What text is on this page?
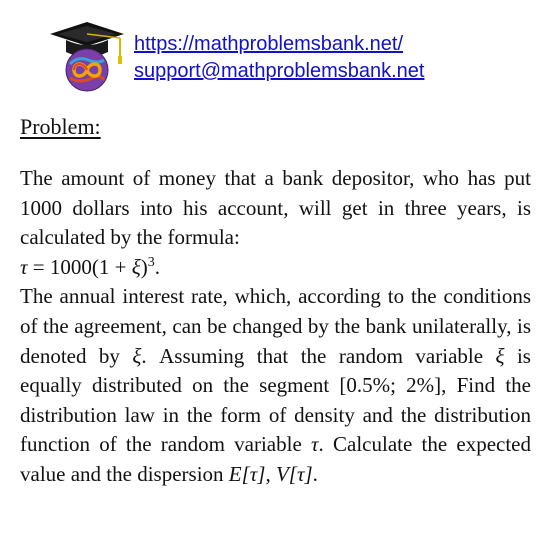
https://mathproblemsbank.net/
support@mathproblemsbank.net
Problem:

The amount of money that a bank depositor, who has put 1000 dollars into his account, will get in three years, is calculated by the formula:

$\tau = 1000(1 + \xi)^3$.

The annual interest rate, which, according to the conditions of the agreement, can be changed by the bank unilaterally, is denoted by ξ. Assuming that the random variable ξ is equally distributed on the segment [0.5%; 2%], Find the distribution law in the form of density and the distribution function of the random variable τ. Calculate the expected value and the dispersion E[τ], V[τ].
